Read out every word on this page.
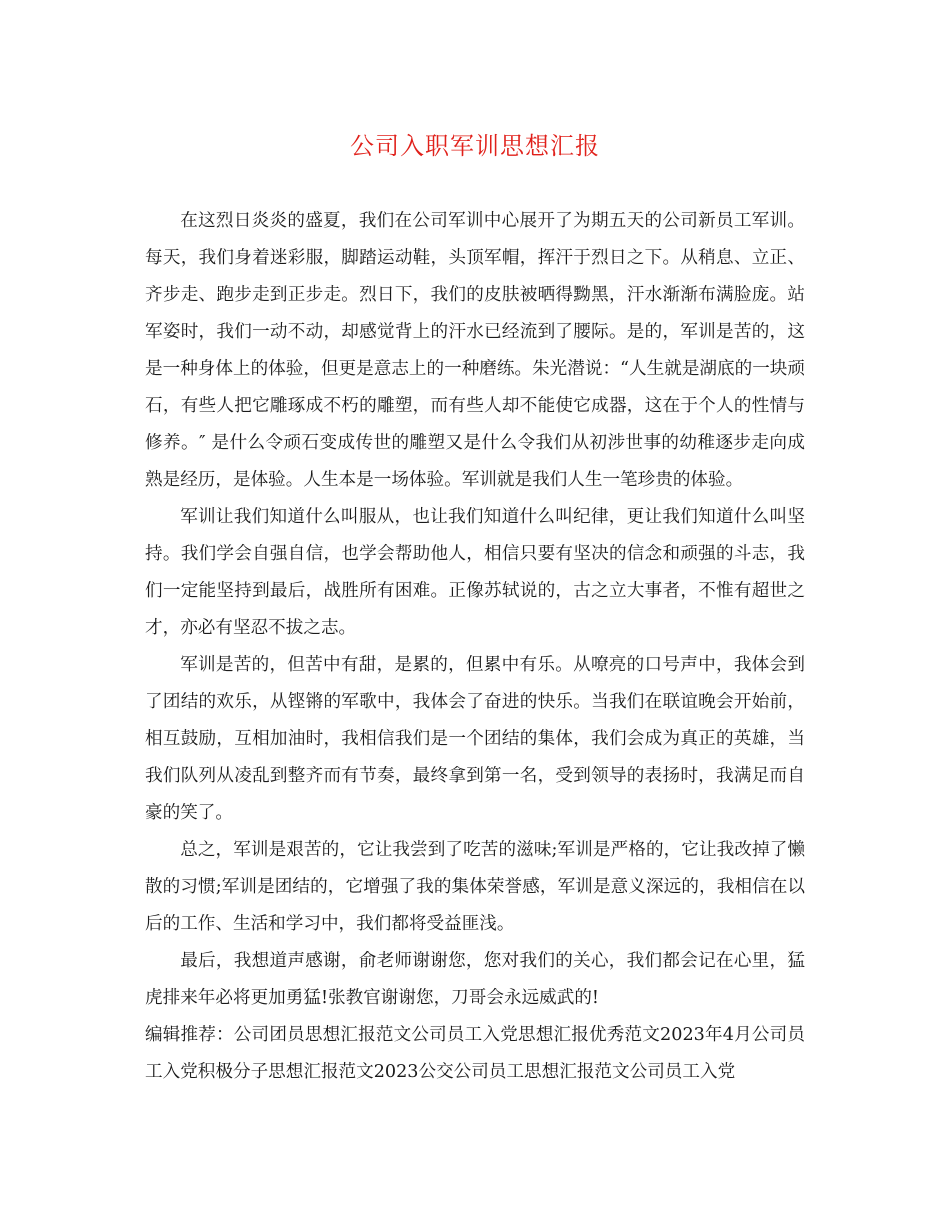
公司入职军训思想汇报

在这烈日炎炎的盛夏，我们在公司军训中心展开了为期五天的公司新员工军训。每天，我们身着迷彩服，脚踏运动鞋，头顶军帽，挥汗于烈日之下。从稍息、立正、齐步走、跑步走到正步走。烈日下，我们的皮肤被晒得黝黑，汗水渐渐布满脸庞。站军姿时，我们一动不动，却感觉背上的汗水已经流到了腰际。是的，军训是苦的，这是一种身体上的体验，但更是意志上的一种磨练。朱光潜说：“人生就是湖底的一块顽石，有些人把它雕琢成不朽的雕塑，而有些人却不能使它成器，这在于个人的性情与修养。″ 是什么令顽石变成传世的雕塑又是什么令我们从初涉世事的幼稚逐步走向成熟是经历，是体验。人生本是一场体验。军训就是我们人生一笔珍贵的体验。

军训让我们知道什么叫服从，也让我们知道什么叫纪律，更让我们知道什么叫坚持。我们学会自强自信，也学会帮助他人，相信只要有坚决的信念和顽强的斗志，我们一定能坚持到最后，战胜所有困难。正像苏轼说的，古之立大事者，不惟有超世之才，亦必有坚忍不拔之志。

军训是苦的，但苦中有甜，是累的，但累中有乐。从嘹亮的口号声中，我体会到了团结的欢乐，从铿锵的军歌中，我体会了奋进的快乐。当我们在联谊晚会开始前，相互鼓励，互相加油时，我相信我们是一个团结的集体，我们会成为真正的英雄，当我们队列从凌乱到整齐而有节奏，最终拿到第一名，受到领导的表扬时，我满足而自豪的笑了。

总之，军训是艰苦的，它让我尝到了吃苦的滋味;军训是严格的，它让我改掉了懒散的习惯;军训是团结的，它增强了我的集体荣誉感，军训是意义深远的，我相信在以后的工作、生活和学习中，我们都将受益匪浅。

最后，我想道声感谢，俞老师谢谢您，您对我们的关心，我们都会记在心里，猛虎排来年必将更加勇猛!张教官谢谢您，刀哥会永远威武的!

编辑推荐：公司团员思想汇报范文公司员工入党思想汇报优秀范文2023年4月公司员工入党积极分子思想汇报范文2023公交公司员工思想汇报范文公司员工入党
